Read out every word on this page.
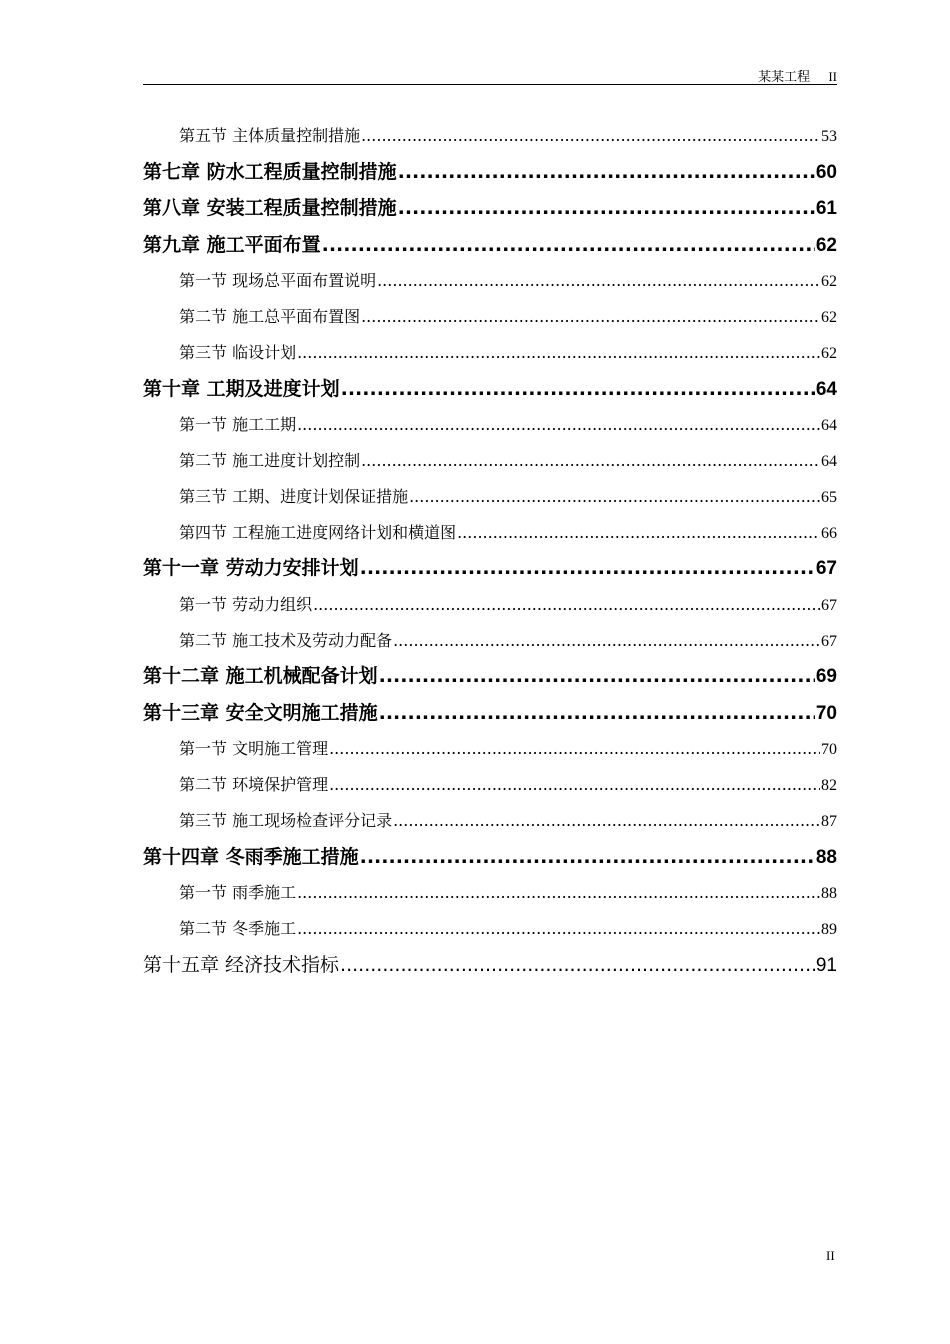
某某工程 II
第五节 主体质量控制措施 .....	53
第七章 防水工程质量控制措施 .....	60
第八章 安装工程质量控制措施 .....	61
第九章 施工平面布置 .....	62
第一节 现场总平面布置说明 .....	62
第二节 施工总平面布置图 .....	62
第三节 临设计划 .....	62
第十章 工期及进度计划 .....	64
第一节 施工工期 .....	64
第二节 施工进度计划控制 .....	64
第三节 工期、进度计划保证措施 .....	65
第四节 工程施工进度网络计划和横道图 .....	66
第十一章 劳动力安排计划 .....	67
第一节 劳动力组织 .....	67
第二节 施工技术及劳动力配备 .....	67
第十二章 施工机械配备计划 .....	69
第十三章 安全文明施工措施 .....	70
第一节 文明施工管理 .....	70
第二节 环境保护管理 .....	82
第三节 施工现场检查评分记录 .....	87
第十四章 冬雨季施工措施 .....	88
第一节 雨季施工 .....	88
第二节 冬季施工 .....	89
第十五章 经济技术指标 .....	91
II
